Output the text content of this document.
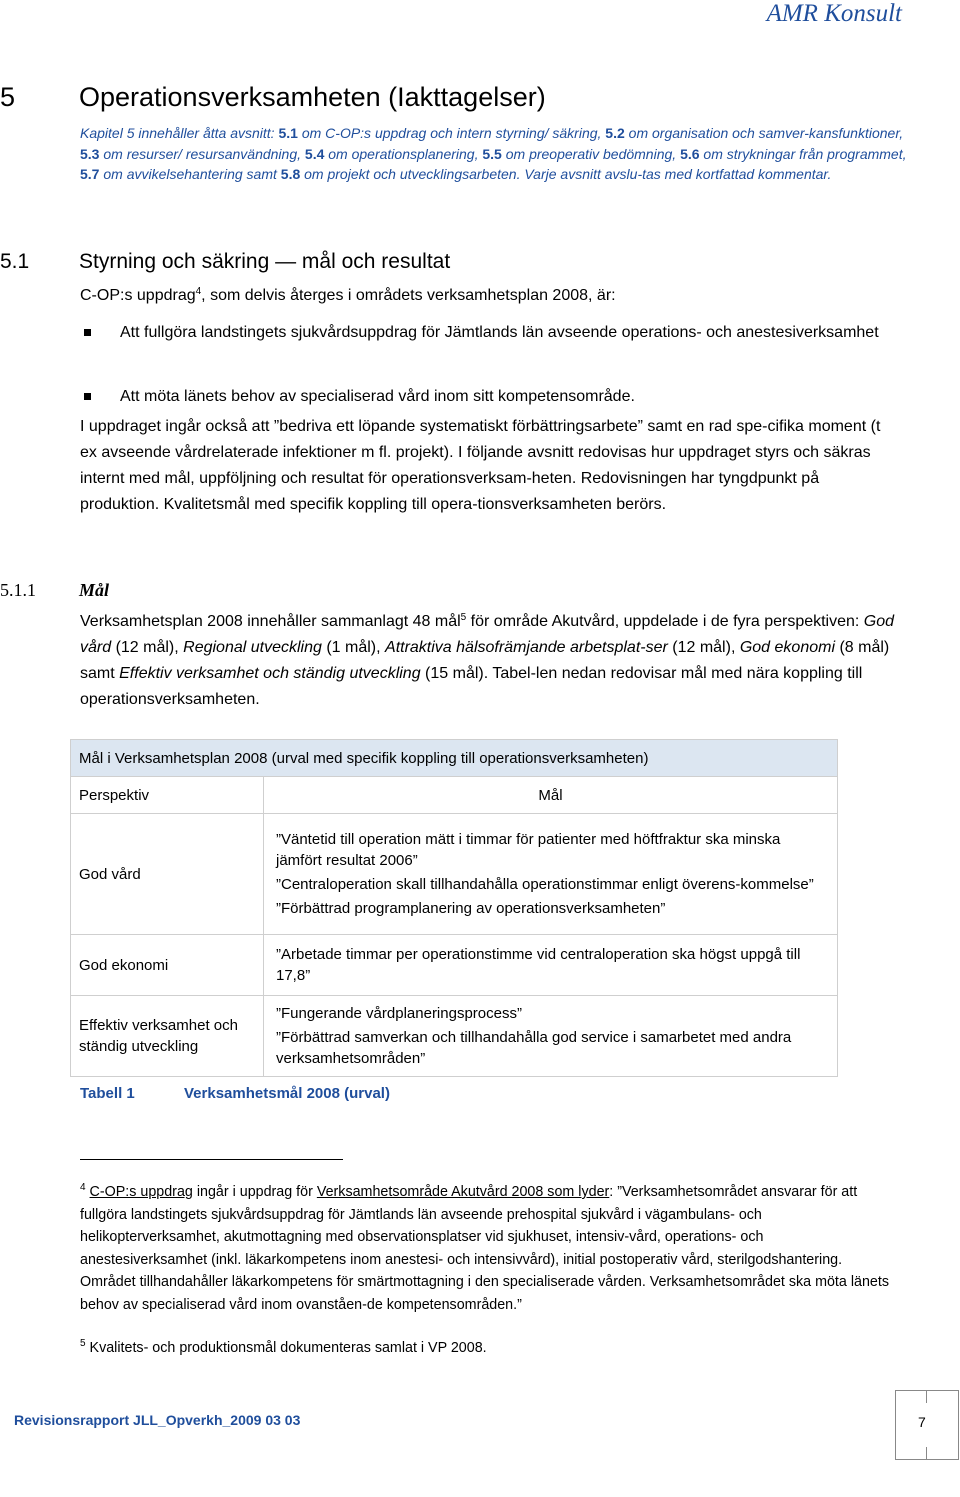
AMR Konsult
5 Operationsverksamheten (Iakttagelser)
Kapitel 5 innehåller åtta avsnitt: 5.1 om C-OP:s uppdrag och intern styrning/ säkring, 5.2 om organisation och samver-kansfunktioner, 5.3 om resurser/ resursanvändning, 5.4 om operationsplanering, 5.5 om preoperativ bedömning, 5.6 om strykningar från programmet, 5.7 om avvikelsehantering samt 5.8 om projekt och utvecklingsarbeten. Varje avsnitt avslu-tas med kortfattad kommentar.
5.1 Styrning och säkring — mål och resultat
C-OP:s uppdrag$^4$, som delvis återges i områdets verksamhetsplan 2008, är:
Att fullgöra landstingets sjukvårdsuppdrag för Jämtlands län avseende operations- och anestesiverksamhet
Att möta länets behov av specialiserad vård inom sitt kompetensområde.
I uppdraget ingår också att ”bedriva ett löpande systematiskt förbättringsarbete” samt en rad spe-cifika moment (t ex avseende vårdrelaterade infektioner m fl. projekt). I följande avsnitt redovisas hur uppdraget styrs och säkras internt med mål, uppföljning och resultat för operationsverksam-heten. Redovisningen har tyngdpunkt på produktion. Kvalitetsmål med specifik koppling till opera-tionsverksamheten berörs.
5.1.1 Mål
Verksamhetsplan 2008 innehåller sammanlagt 48 mål$^5$ för område Akutvård, uppdelade i de fyra perspektiven: God vård (12 mål), Regional utveckling (1 mål), Attraktiva hälsofrämjande arbetsplat-ser (12 mål), God ekonomi (8 mål) samt Effektiv verksamhet och ständig utveckling (15 mål). Tabel-len nedan redovisar mål med nära koppling till operationsverksamheten.
Mål i Verksamhetsplan 2008 (urval med specifik koppling till operationsverksamheten)	
Perspektiv	Mål
God vård	”Väntetid till operation mätt i timmar för patienter med höftfraktur ska minska jämfört resultat 2006”
”Centraloperation skall tillhandahålla operationstimmar enligt överens-kommelse”
”Förbättrad programplanering av operationsverksamheten”

God ekonomi	”Arbetade timmar per operationstimme vid centraloperation ska högst uppgå till 17,8”

Effektiv verksamhet och ständig utveckling	”Fungerande vårdplaneringsprocess”
”Förbättrad samverkan och tillhandahålla god service i samarbetet med andra verksamhetsområden”
Tabell 1	Verksamhetsmål 2008 (urval)
$^4$ C-OP:s uppdrag ingår i uppdrag för Verksamhetsområde Akutvård 2008 som lyder: ”Verksamhetsområdet ansvarar för att fullgöra landstingets sjukvårdsuppdrag för Jämtlands län avseende prehospital sjukvård i vägambulans- och helikopterverksamhet, akutmottagning med observationsplatser vid sjukhuset, intensiv-vård, operations- och anestesiverksamhet (inkl. läkarkompetens inom anestesi- och intensivvård), initial postoperativ vård, sterilgodshantering. Området tillhandahåller läkarkompetens för smärtmottagning i den specialiserade vården. Verksamhetsområdet ska möta länets behov av specialiserad vård inom ovanståen-de kompetensområden.”
$^5$ Kvalitets- och produktionsmål dokumenteras samlat i VP 2008.
Revisionsrapport JLL_Opverkh_2009 03 03	7
